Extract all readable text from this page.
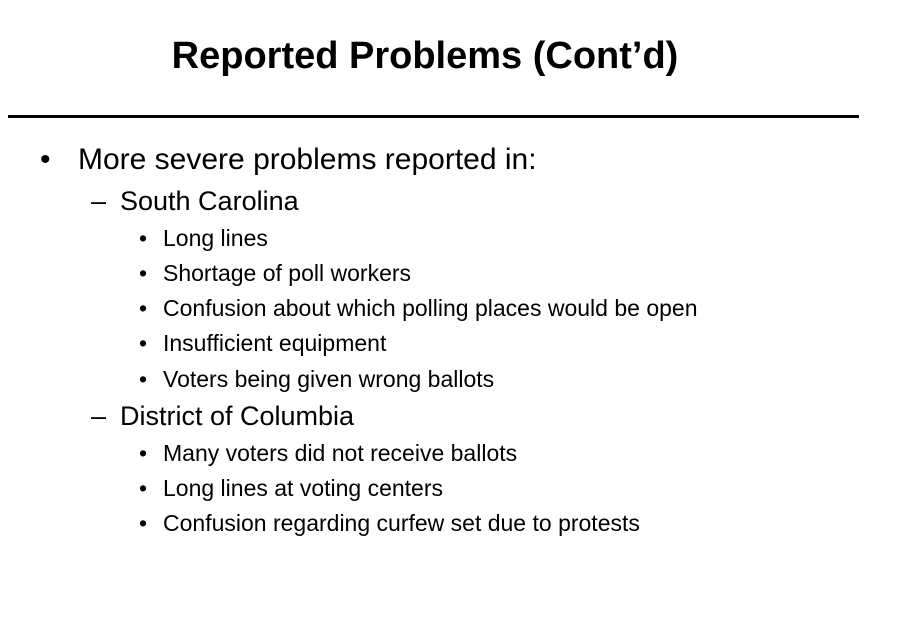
Reported Problems (Cont’d)
• More severe problems reported in:
– South Carolina
• Long lines
• Shortage of poll workers
• Confusion about which polling places would be open
• Insufficient equipment
• Voters being given wrong ballots
– District of Columbia
• Many voters did not receive ballots
• Long lines at voting centers
• Confusion regarding curfew set due to protests
